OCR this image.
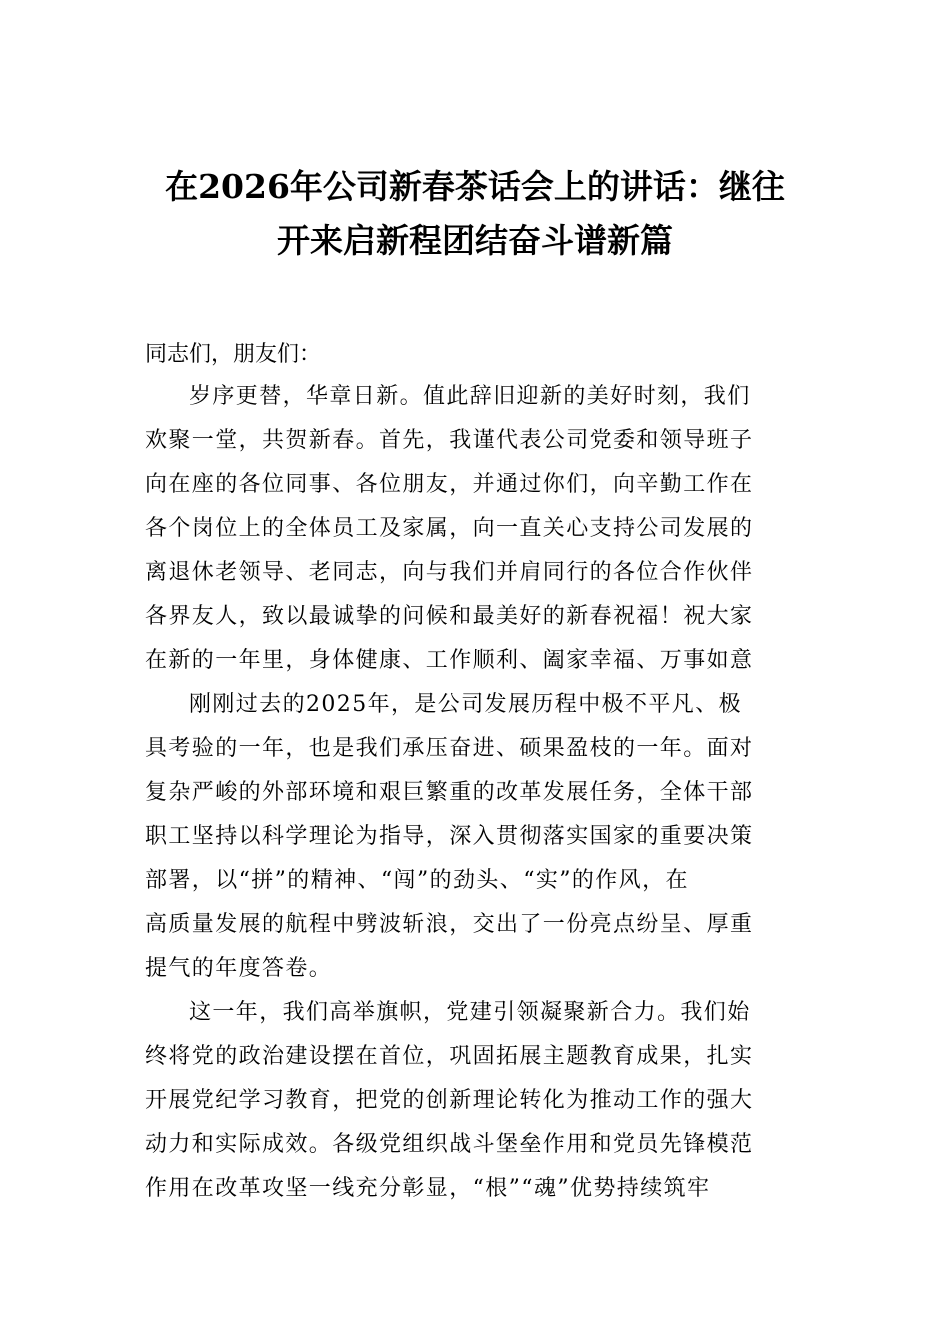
在2026年公司新春茶话会上的讲话：继往
开来启新程团结奋斗谱新篇

同志们，朋友们：

岁序更替，华章日新。值此辞旧迎新的美好时刻，我们
欢聚一堂，共贺新春。首先，我谨代表公司党委和领导班子
向在座的各位同事、各位朋友，并通过你们，向辛勤工作在
各个岗位上的全体员工及家属，向一直关心支持公司发展的
离退休老领导、老同志，向与我们并肩同行的各位合作伙伴
各界友人，致以最诚挚的问候和最美好的新春祝福！祝大家
在新的一年里，身体健康、工作顺利、阖家幸福、万事如意

刚刚过去的2025年，是公司发展历程中极不平凡、极
具考验的一年，也是我们承压奋进、硕果盈枝的一年。面对
复杂严峻的外部环境和艰巨繁重的改革发展任务，全体干部
职工坚持以科学理论为指导，深入贯彻落实国家的重要决策
部署，以“拼”的精神、“闯”的劲头、“实”的作风，在
高质量发展的航程中劈波斩浪，交出了一份亮点纷呈、厚重
提气的年度答卷。

这一年，我们高举旗帜，党建引领凝聚新合力。我们始
终将党的政治建设摆在首位，巩固拓展主题教育成果，扎实
开展党纪学习教育，把党的创新理论转化为推动工作的强大
动力和实际成效。各级党组织战斗堡垒作用和党员先锋模范
作用在改革攻坚一线充分彰显，“根”“魂”优势持续筑牢
